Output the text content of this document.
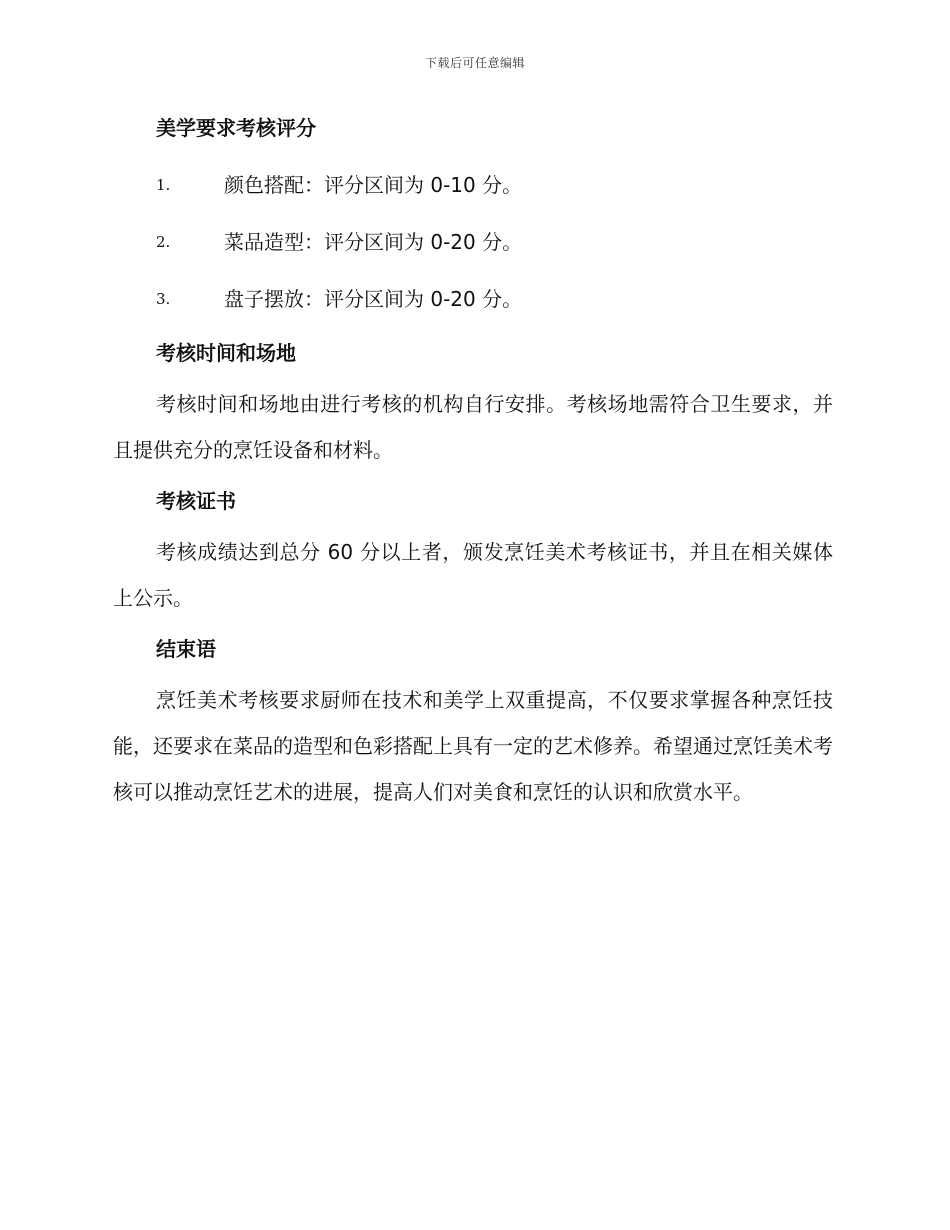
下载后可任意编辑
美学要求考核评分
1.	颜色搭配：评分区间为 0-10 分。
2.	菜品造型：评分区间为 0-20 分。
3.	盘子摆放：评分区间为 0-20 分。
考核时间和场地

考核时间和场地由进行考核的机构自行安排。考核场地需符合卫生要求，并且提供充分的烹饪设备和材料。

考核证书

考核成绩达到总分 60 分以上者，颁发烹饪美术考核证书，并且在相关媒体上公示。

结束语

烹饪美术考核要求厨师在技术和美学上双重提高，不仅要求掌握各种烹饪技能，还要求在菜品的造型和色彩搭配上具有一定的艺术修养。希望通过烹饪美术考核可以推动烹饪艺术的进展，提高人们对美食和烹饪的认识和欣赏水平。
